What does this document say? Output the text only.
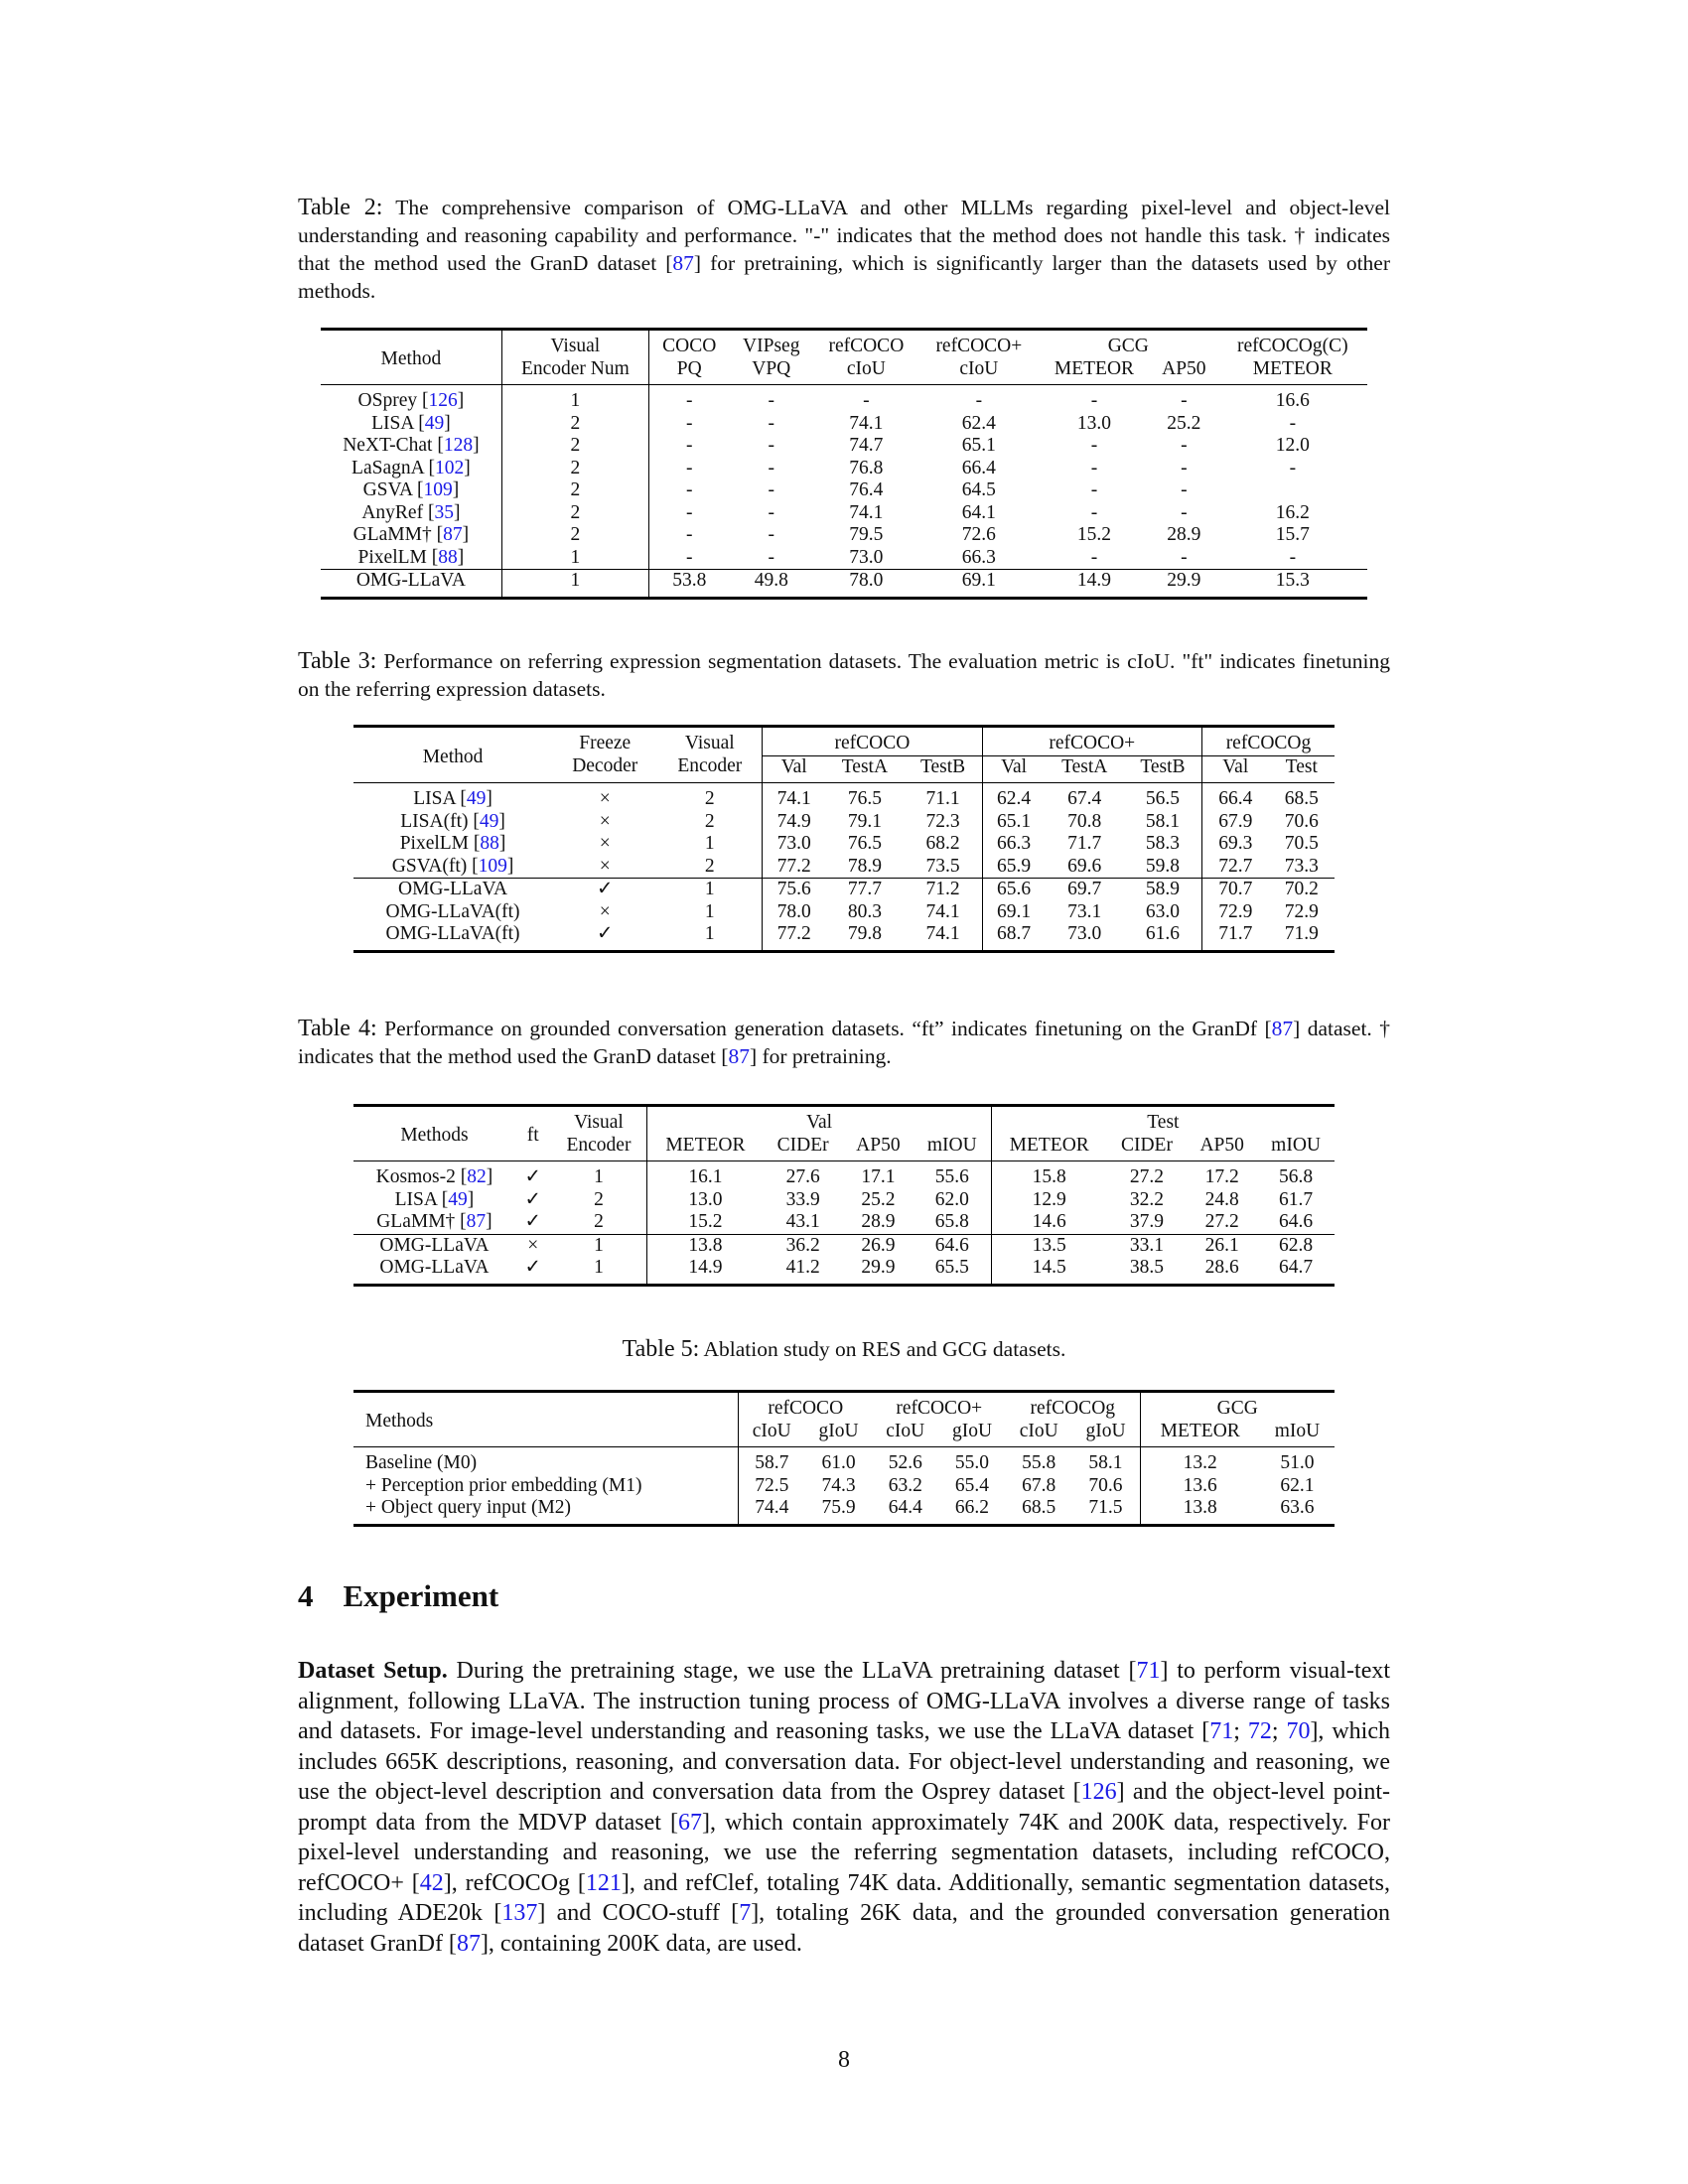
Table 2: The comprehensive comparison of OMG-LLaVA and other MLLMs regarding pixel-level and object-level understanding and reasoning capability and performance. "-" indicates that the method does not handle this task. † indicates that the method used the GranD dataset [87] for pretraining, which is significantly larger than the datasets used by other methods.
Method	Visual	COCO	VIPseg	refCOCO	refCOCO+	GCG		refCOCOg(C)
	Encoder Num	PQ	VPQ	cIoU	cIoU	METEOR	AP50	METEOR
OSprey [126]	1	-	-	-	-	-	-	16.6
LISA [49]	2	-	-	74.1	62.4	13.0	25.2	-
NeXT-Chat [128]	2	-	-	74.7	65.1	-	-	12.0
LaSagnA [102]	2	-	-	76.8	66.4	-	-	-
GSVA [109]	2	-	-	76.4	64.5	-	-	
AnyRef [35]	2	-	-	74.1	64.1	-	-	16.2
GLaMM† [87]	2	-	-	79.5	72.6	15.2	28.9	15.7
PixelLM [88]	1	-	-	73.0	66.3	-	-	-
OMG-LLaVA	1	53.8	49.8	78.0	69.1	14.9	29.9	15.3
Table 3: Performance on referring expression segmentation datasets. The evaluation metric is cIoU. "ft" indicates finetuning on the referring expression datasets.
Method	Freeze	Visual	refCOCO			refCOCO+			refCOCOg	
	Decoder	Encoder	Val	TestA	TestB	Val	TestA	TestB	Val	Test
LISA [49]	×	2	74.1	76.5	71.1	62.4	67.4	56.5	66.4	68.5
LISA(ft) [49]	×	2	74.9	79.1	72.3	65.1	70.8	58.1	67.9	70.6
PixelLM [88]	×	1	73.0	76.5	68.2	66.3	71.7	58.3	69.3	70.5
GSVA(ft) [109]	×	2	77.2	78.9	73.5	65.9	69.6	59.8	72.7	73.3
OMG-LLaVA	✓	1	75.6	77.7	71.2	65.6	69.7	58.9	70.7	70.2
OMG-LLaVA(ft)	×	1	78.0	80.3	74.1	69.1	73.1	63.0	72.9	72.9
OMG-LLaVA(ft)	✓	1	77.2	79.8	74.1	68.7	73.0	61.6	71.7	71.9
Table 4: Performance on grounded conversation generation datasets. “ft” indicates finetuning on the GranDf [87] dataset. † indicates that the method used the GranD dataset [87] for pretraining.
Methods	ft	Visual	Val				Test			
		Encoder	METEOR	CIDEr	AP50	mIOU	METEOR	CIDEr	AP50	mIOU
Kosmos-2 [82]	✓	1	16.1	27.6	17.1	55.6	15.8	27.2	17.2	56.8
LISA [49]	✓	2	13.0	33.9	25.2	62.0	12.9	32.2	24.8	61.7
GLaMM† [87]	✓	2	15.2	43.1	28.9	65.8	14.6	37.9	27.2	64.6
OMG-LLaVA	×	1	13.8	36.2	26.9	64.6	13.5	33.1	26.1	62.8
OMG-LLaVA	✓	1	14.9	41.2	29.9	65.5	14.5	38.5	28.6	64.7
Table 5: Ablation study on RES and GCG datasets.
Methods	refCOCO		refCOCO+		refCOCOg		GCG	
	cIoU	gIoU	cIoU	gIoU	cIoU	gIoU	METEOR	mIoU
Baseline (M0)	58.7	61.0	52.6	55.0	55.8	58.1	13.2	51.0
+ Perception prior embedding (M1)	72.5	74.3	63.2	65.4	67.8	70.6	13.6	62.1
+ Object query input (M2)	74.4	75.9	64.4	66.2	68.5	71.5	13.8	63.6
4 Experiment
Dataset Setup. During the pretraining stage, we use the LLaVA pretraining dataset [71] to perform visual-text alignment, following LLaVA. The instruction tuning process of OMG-LLaVA involves a diverse range of tasks and datasets. For image-level understanding and reasoning tasks, we use the LLaVA dataset [71; 72; 70], which includes 665K descriptions, reasoning, and conversation data. For object-level understanding and reasoning, we use the object-level description and conversation data from the Osprey dataset [126] and the object-level point-prompt data from the MDVP dataset [67], which contain approximately 74K and 200K data, respectively. For pixel-level understanding and reasoning, we use the referring segmentation datasets, including refCOCO, refCOCO+ [42], refCOCOg [121], and refClef, totaling 74K data. Additionally, semantic segmentation datasets, including ADE20k [137] and COCO-stuff [7], totaling 26K data, and the grounded conversation generation dataset GranDf [87], containing 200K data, are used.
8
